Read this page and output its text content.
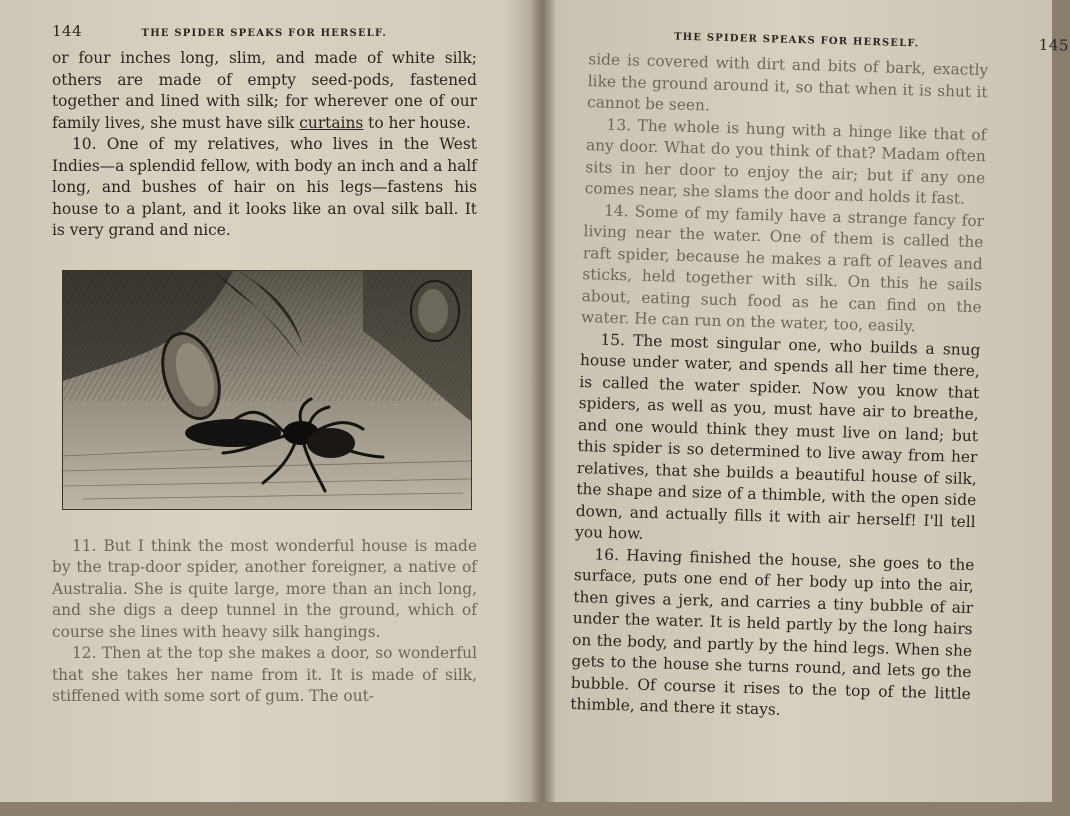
144	THE SPIDER SPEAKS FOR HERSELF.

or four inches long, slim, and made of white silk; others are made of empty seed-pods, fastened together and lined with silk; for wherever one of our family lives, she must have silk curtains to her house.

10. One of my relatives, who lives in the West Indies—a splendid fellow, with body an inch and a half long, and bushes of hair on his legs—fastens his house to a plant, and it looks like an oval silk ball. It is very grand and nice.

11. But I think the most wonderful house is made by the trap-door spider, another foreigner, a native of Australia. She is quite large, more than an inch long, and she digs a deep tunnel in the ground, which of course she lines with heavy silk hangings.

12. Then at the top she makes a door, so wonderful that she takes her name from it. It is made of silk, stiffened with some sort of gum. The out-

THE SPIDER SPEAKS FOR HERSELF.	145

side is covered with dirt and bits of bark, exactly like the ground around it, so that when it is shut it cannot be seen.

13. The whole is hung with a hinge like that of any door. What do you think of that? Madam often sits in her door to enjoy the air; but if any one comes near, she slams the door and holds it fast.

14. Some of my family have a strange fancy for living near the water. One of them is called the raft spider, because he makes a raft of leaves and sticks, held together with silk. On this he sails about, eating such food as he can find on the water. He can run on the water, too, easily.

15. The most singular one, who builds a snug house under water, and spends all her time there, is called the water spider. Now you know that spiders, as well as you, must have air to breathe, and one would think they must live on land; but this spider is so determined to live away from her relatives, that she builds a beautiful house of silk, the shape and size of a thimble, with the open side down, and actually fills it with air herself! I'll tell you how.

16. Having finished the house, she goes to the surface, puts one end of her body up into the air, then gives a jerk, and carries a tiny bubble of air under the water. It is held partly by the long hairs on the body, and partly by the hind legs. When she gets to the house she turns round, and lets go the bubble. Of course it rises to the top of the little thimble, and there it stays.
